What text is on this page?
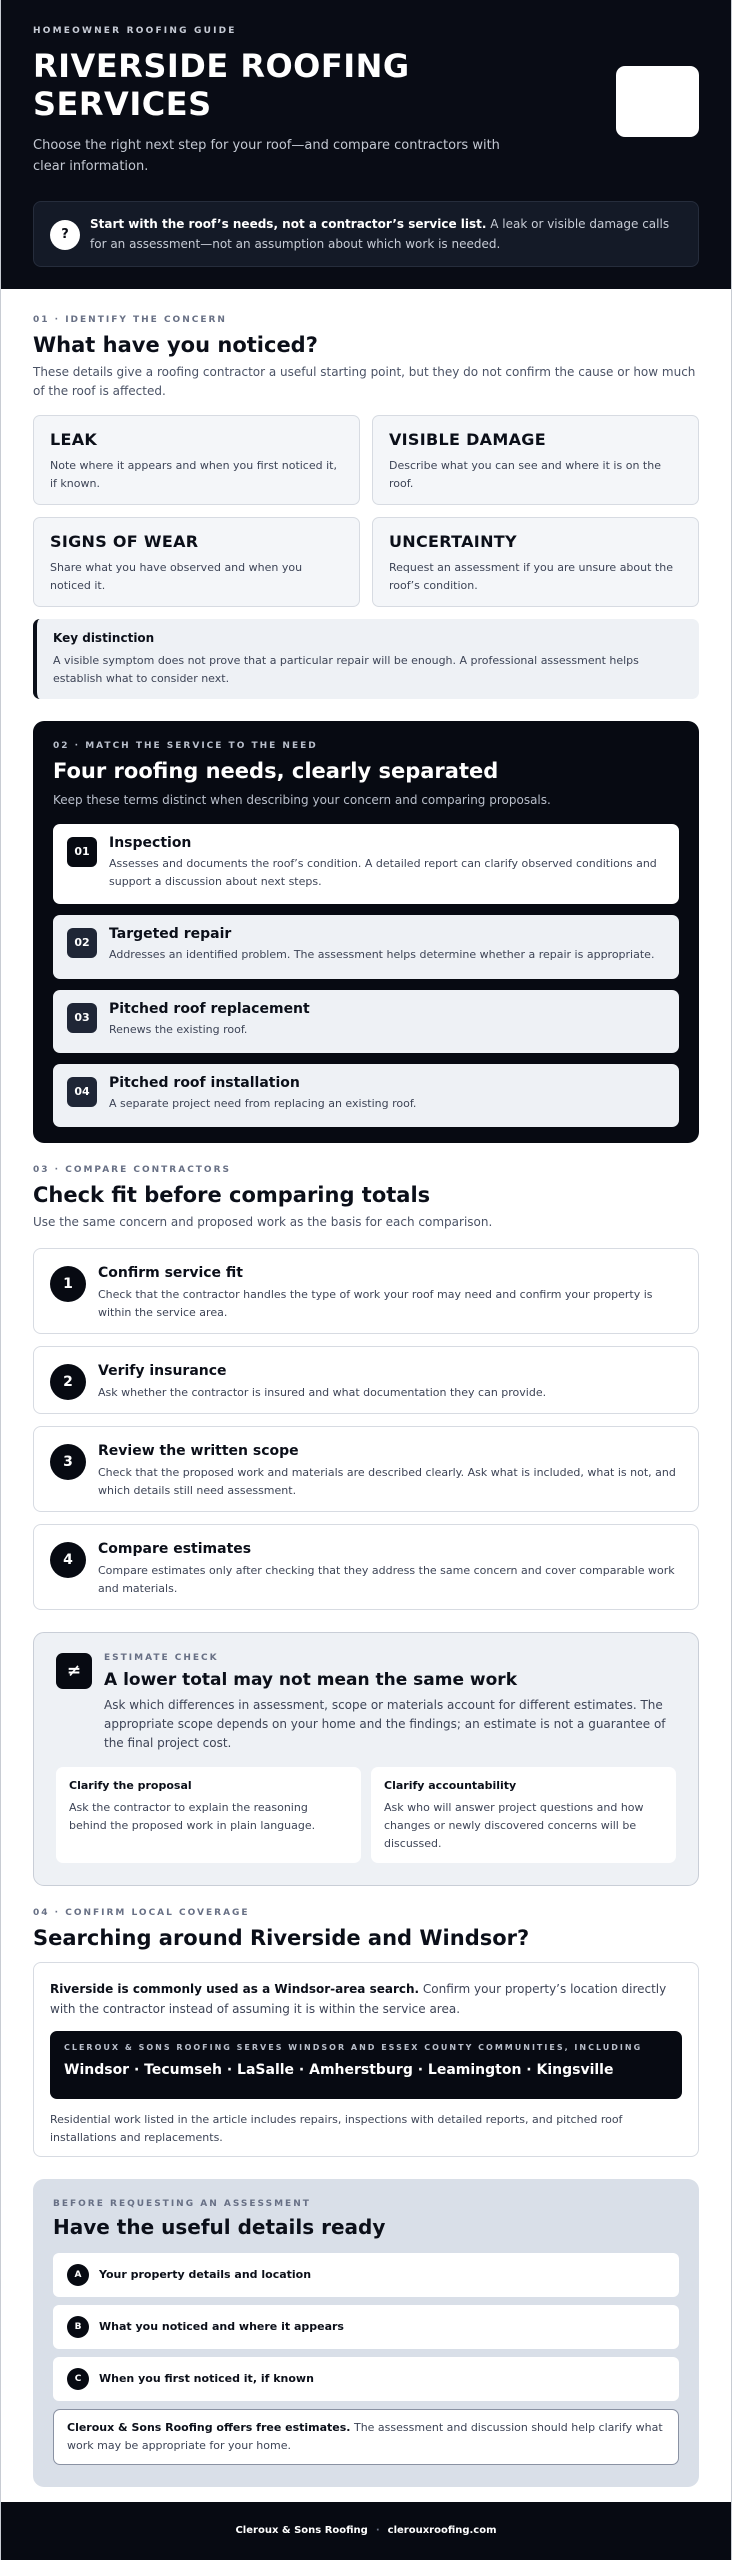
HOMEOWNER ROOFING GUIDE
RIVERSIDE ROOFING SERVICES

Choose the right next step for your roof—and compare contractors with clear information.

?
Start with the roof’s needs, not a contractor’s service list. A leak or visible damage calls for an assessment—not an assumption about which work is needed.
01 · IDENTIFY THE CONCERN
What have you noticed?

These details give a roofing contractor a useful starting point, but they do not confirm the cause or how much of the roof is affected.

LEAK

Note where it appears and when you first noticed it, if known.

VISIBLE DAMAGE

Describe what you can see and where it is on the roof.

SIGNS OF WEAR

Share what you have observed and when you noticed it.

UNCERTAINTY

Request an assessment if you are unsure about the roof’s condition.

Key distinction

A visible symptom does not prove that a particular repair will be enough. A professional assessment helps establish what to consider next.

02 · MATCH THE SERVICE TO THE NEED
Four roofing needs, clearly separated

Keep these terms distinct when describing your concern and comparing proposals.

01
Inspection

Assesses and documents the roof’s condition. A detailed report can clarify observed conditions and support a discussion about next steps.

02
Targeted repair

Addresses an identified problem. The assessment helps determine whether a repair is appropriate.

03
Pitched roof replacement

Renews the existing roof.

04
Pitched roof installation

A separate project need from replacing an existing roof.

03 · COMPARE CONTRACTORS
Check fit before comparing totals

Use the same concern and proposed work as the basis for each comparison.

1
Confirm service fit

Check that the contractor handles the type of work your roof may need and confirm your property is within the service area.

2
Verify insurance

Ask whether the contractor is insured and what documentation they can provide.

3
Review the written scope

Check that the proposed work and materials are described clearly. Ask what is included, what is not, and which details still need assessment.

4
Compare estimates

Compare estimates only after checking that they address the same concern and cover comparable work and materials.

≠
ESTIMATE CHECK
A lower total may not mean the same work

Ask which differences in assessment, scope or materials account for different estimates. The appropriate scope depends on your home and the findings; an estimate is not a guarantee of the final project cost.

Clarify the proposal

Ask the contractor to explain the reasoning behind the proposed work in plain language.

Clarify accountability

Ask who will answer project questions and how changes or newly discovered concerns will be discussed.

04 · CONFIRM LOCAL COVERAGE
Searching around Riverside and Windsor?

Riverside is commonly used as a Windsor-area search. Confirm your property’s location directly with the contractor instead of assuming it is within the service area.

CLEROUX & SONS ROOFING SERVES WINDSOR AND ESSEX COUNTY COMMUNITIES, INCLUDING
Windsor · Tecumseh · LaSalle · Amherstburg · Leamington · Kingsville

Residential work listed in the article includes repairs, inspections with detailed reports, and pitched roof installations and replacements.

BEFORE REQUESTING AN ASSESSMENT
Have the useful details ready
A	Your property details and location
B	What you noticed and where it appears
C	When you first noticed it, if known
Cleroux & Sons Roofing offers free estimates. The assessment and discussion should help clarify what work may be appropriate for your home.
Cleroux & Sons Roofing · clerouxroofing.com
